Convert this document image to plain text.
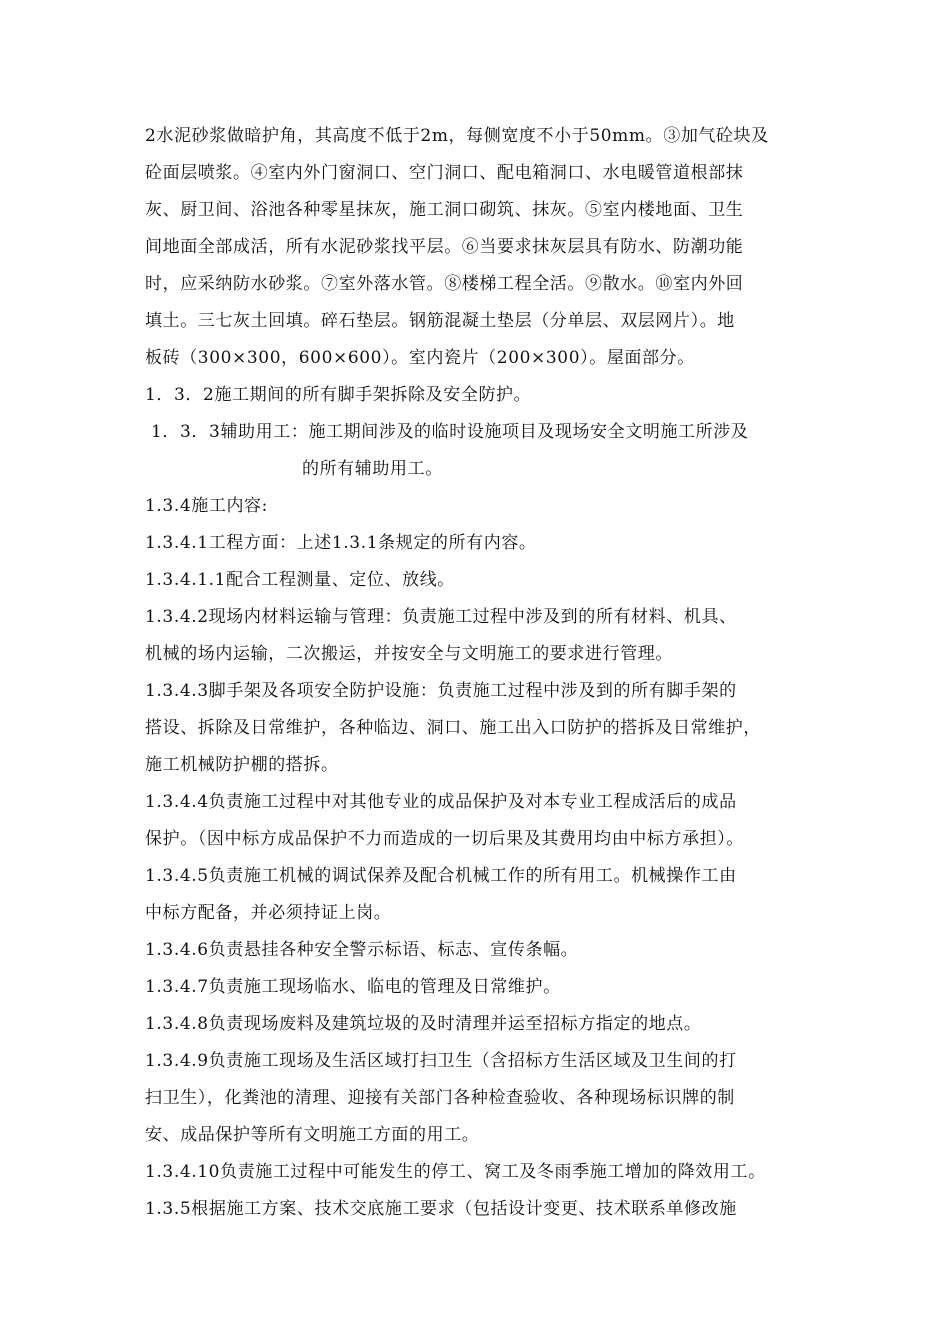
2水泥砂浆做暗护角，其高度不低于2m，每侧宽度不小于50mm。③加气砼块及
砼面层喷浆。④室内外门窗洞口、空门洞口、配电箱洞口、水电暖管道根部抹
灰、厨卫间、浴池各种零星抹灰，施工洞口砌筑、抹灰。⑤室内楼地面、卫生
间地面全部成活，所有水泥砂浆找平层。⑥当要求抹灰层具有防水、防潮功能
时，应采纳防水砂浆。⑦室外落水管。⑧楼梯工程全活。⑨散水。⑩室内外回
填土。三七灰土回填。碎石垫层。钢筋混凝土垫层（分单层、双层网片）。地
板砖（300×300，600×600）。室内瓷片（200×300）。屋面部分。
1．3．2施工期间的所有脚手架拆除及安全防护。
1．3．3辅助用工：施工期间涉及的临时设施项目及现场安全文明施工所涉及
的所有辅助用工。
1.3.4施工内容:
1.3.4.1工程方面：上述1.3.1条规定的所有内容。
1.3.4.1.1配合工程测量、定位、放线。
1.3.4.2现场内材料运输与管理：负责施工过程中涉及到的所有材料、机具、
机械的场内运输，二次搬运，并按安全与文明施工的要求进行管理。
1.3.4.3脚手架及各项安全防护设施：负责施工过程中涉及到的所有脚手架的
搭设、拆除及日常维护，各种临边、洞口、施工出入口防护的搭拆及日常维护，
施工机械防护棚的搭拆。
1.3.4.4负责施工过程中对其他专业的成品保护及对本专业工程成活后的成品
保护。（因中标方成品保护不力而造成的一切后果及其费用均由中标方承担）。
1.3.4.5负责施工机械的调试保养及配合机械工作的所有用工。机械操作工由
中标方配备，并必须持证上岗。
1.3.4.6负责悬挂各种安全警示标语、标志、宣传条幅。
1.3.4.7负责施工现场临水、临电的管理及日常维护。
1.3.4.8负责现场废料及建筑垃圾的及时清理并运至招标方指定的地点。
1.3.4.9负责施工现场及生活区域打扫卫生（含招标方生活区域及卫生间的打
扫卫生），化粪池的清理、迎接有关部门各种检查验收、各种现场标识牌的制
安、成品保护等所有文明施工方面的用工。
1.3.4.10负责施工过程中可能发生的停工、窝工及冬雨季施工增加的降效用工。
1.3.5根据施工方案、技术交底施工要求（包括设计变更、技术联系单修改施
